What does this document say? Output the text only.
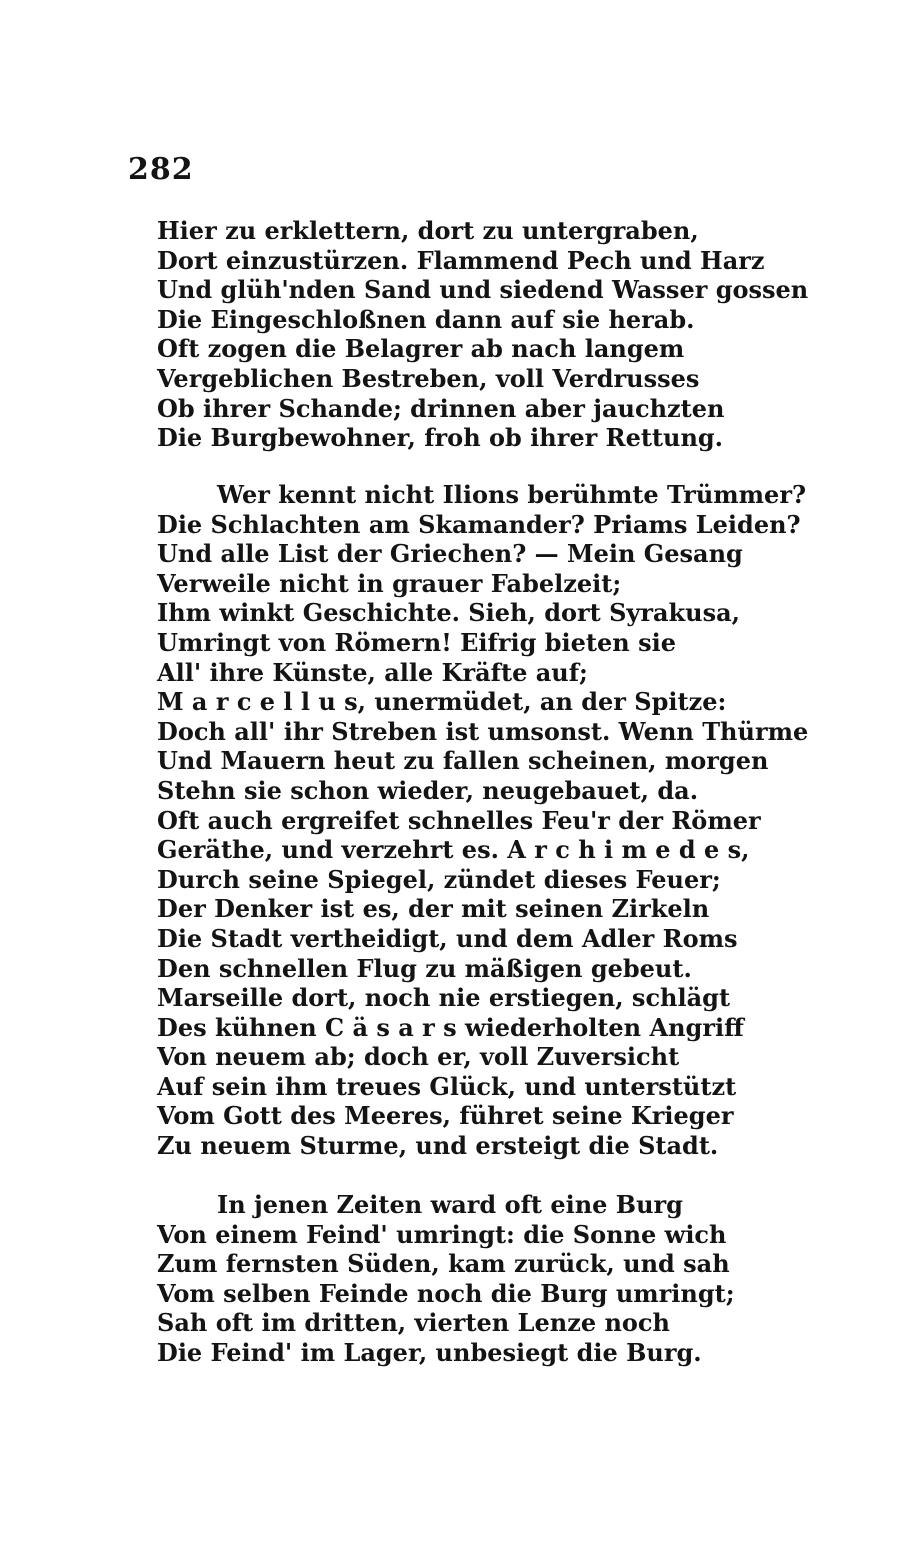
282
Hier zu erklettern, dort zu untergraben,
Dort einzustürzen. Flammend Pech und Harz
Und glüh'nden Sand und siedend Wasser gossen
Die Eingeschloßnen dann auf sie herab.
Oft zogen die Belagrer ab nach langem
Vergeblichen Bestreben, voll Verdrusses
Ob ihrer Schande; drinnen aber jauchzten
Die Burgbewohner, froh ob ihrer Rettung.
Wer kennt nicht Ilions berühmte Trümmer?
Die Schlachten am Skamander? Priams Leiden?
Und alle List der Griechen? — Mein Gesang
Verweile nicht in grauer Fabelzeit;
Ihm winkt Geschichte. Sieh, dort Syrakusa,
Umringt von Römern! Eifrig bieten sie
All' ihre Künste, alle Kräfte auf;
M a r c e l l u s, unermüdet, an der Spitze:
Doch all' ihr Streben ist umsonst. Wenn Thürme
Und Mauern heut zu fallen scheinen, morgen
Stehn sie schon wieder, neugebauet, da.
Oft auch ergreifet schnelles Feu'r der Römer
Geräthe, und verzehrt es. A r c h i m e d e s,
Durch seine Spiegel, zündet dieses Feuer;
Der Denker ist es, der mit seinen Zirkeln
Die Stadt vertheidigt, und dem Adler Roms
Den schnellen Flug zu mäßigen gebeut.
Marseille dort, noch nie erstiegen, schlägt
Des kühnen C ä s a r s wiederholten Angriff
Von neuem ab; doch er, voll Zuversicht
Auf sein ihm treues Glück, und unterstützt
Vom Gott des Meeres, führet seine Krieger
Zu neuem Sturme, und ersteigt die Stadt.
In jenen Zeiten ward oft eine Burg
Von einem Feind' umringt: die Sonne wich
Zum fernsten Süden, kam zurück, und sah
Vom selben Feinde noch die Burg umringt;
Sah oft im dritten, vierten Lenze noch
Die Feind' im Lager, unbesiegt die Burg.
